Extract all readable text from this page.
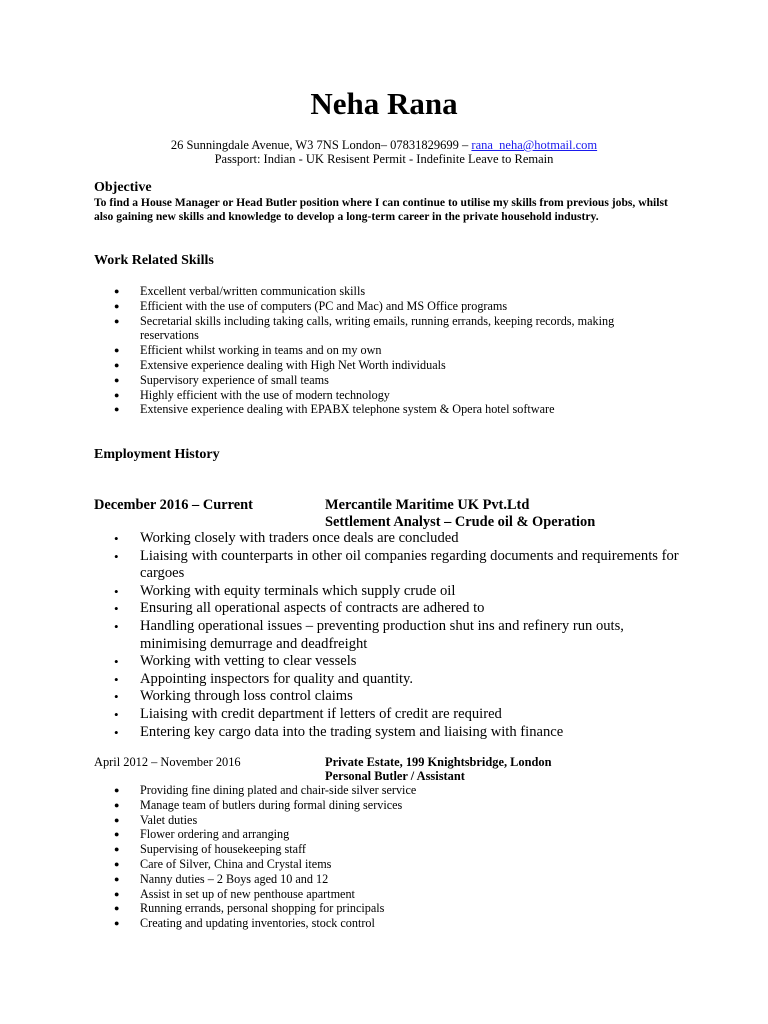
Neha Rana
26 Sunningdale Avenue, W3 7NS London– 07831829699 – rana_neha@hotmail.com
Passport: Indian - UK Resisent Permit - Indefinite Leave to Remain
Objective
To find a House Manager or Head Butler position where I can continue to utilise my skills from previous jobs, whilst also gaining new skills and knowledge to develop a long-term career in the private household industry.
Work Related Skills
● Excellent verbal/written communication skills
● Efficient with the use of computers (PC and Mac) and MS Office programs
● Secretarial skills including taking calls, writing emails, running errands, keeping records, making reservations
● Efficient whilst working in teams and on my own
● Extensive experience dealing with High Net Worth individuals
● Supervisory experience of small teams
● Highly efficient with the use of modern technology
● Extensive experience dealing with EPABX telephone system & Opera hotel software
Employment History
December 2016 – Current	Mercantile Maritime UK Pvt.Ltd
Settlement Analyst – Crude oil & Operation
• Working closely with traders once deals are concluded
• Liaising with counterparts in other oil companies regarding documents and requirements for cargoes
• Working with equity terminals which supply crude oil
• Ensuring all operational aspects of contracts are adhered to
• Handling operational issues – preventing production shut ins and refinery run outs, minimising demurrage and deadfreight
• Working with vetting to clear vessels
• Appointing inspectors for quality and quantity.
• Working through loss control claims
• Liaising with credit department if letters of credit are required
• Entering key cargo data into the trading system and liaising with finance
April 2012 – November 2016	Private Estate, 199 Knightsbridge, London
Personal Butler / Assistant
● Providing fine dining plated and chair-side silver service
● Manage team of butlers during formal dining services
● Valet duties
● Flower ordering and arranging
● Supervising of housekeeping staff
● Care of Silver, China and Crystal items
● Nanny duties – 2 Boys aged 10 and 12
● Assist in set up of new penthouse apartment
● Running errands, personal shopping for principals
● Creating and updating inventories, stock control
